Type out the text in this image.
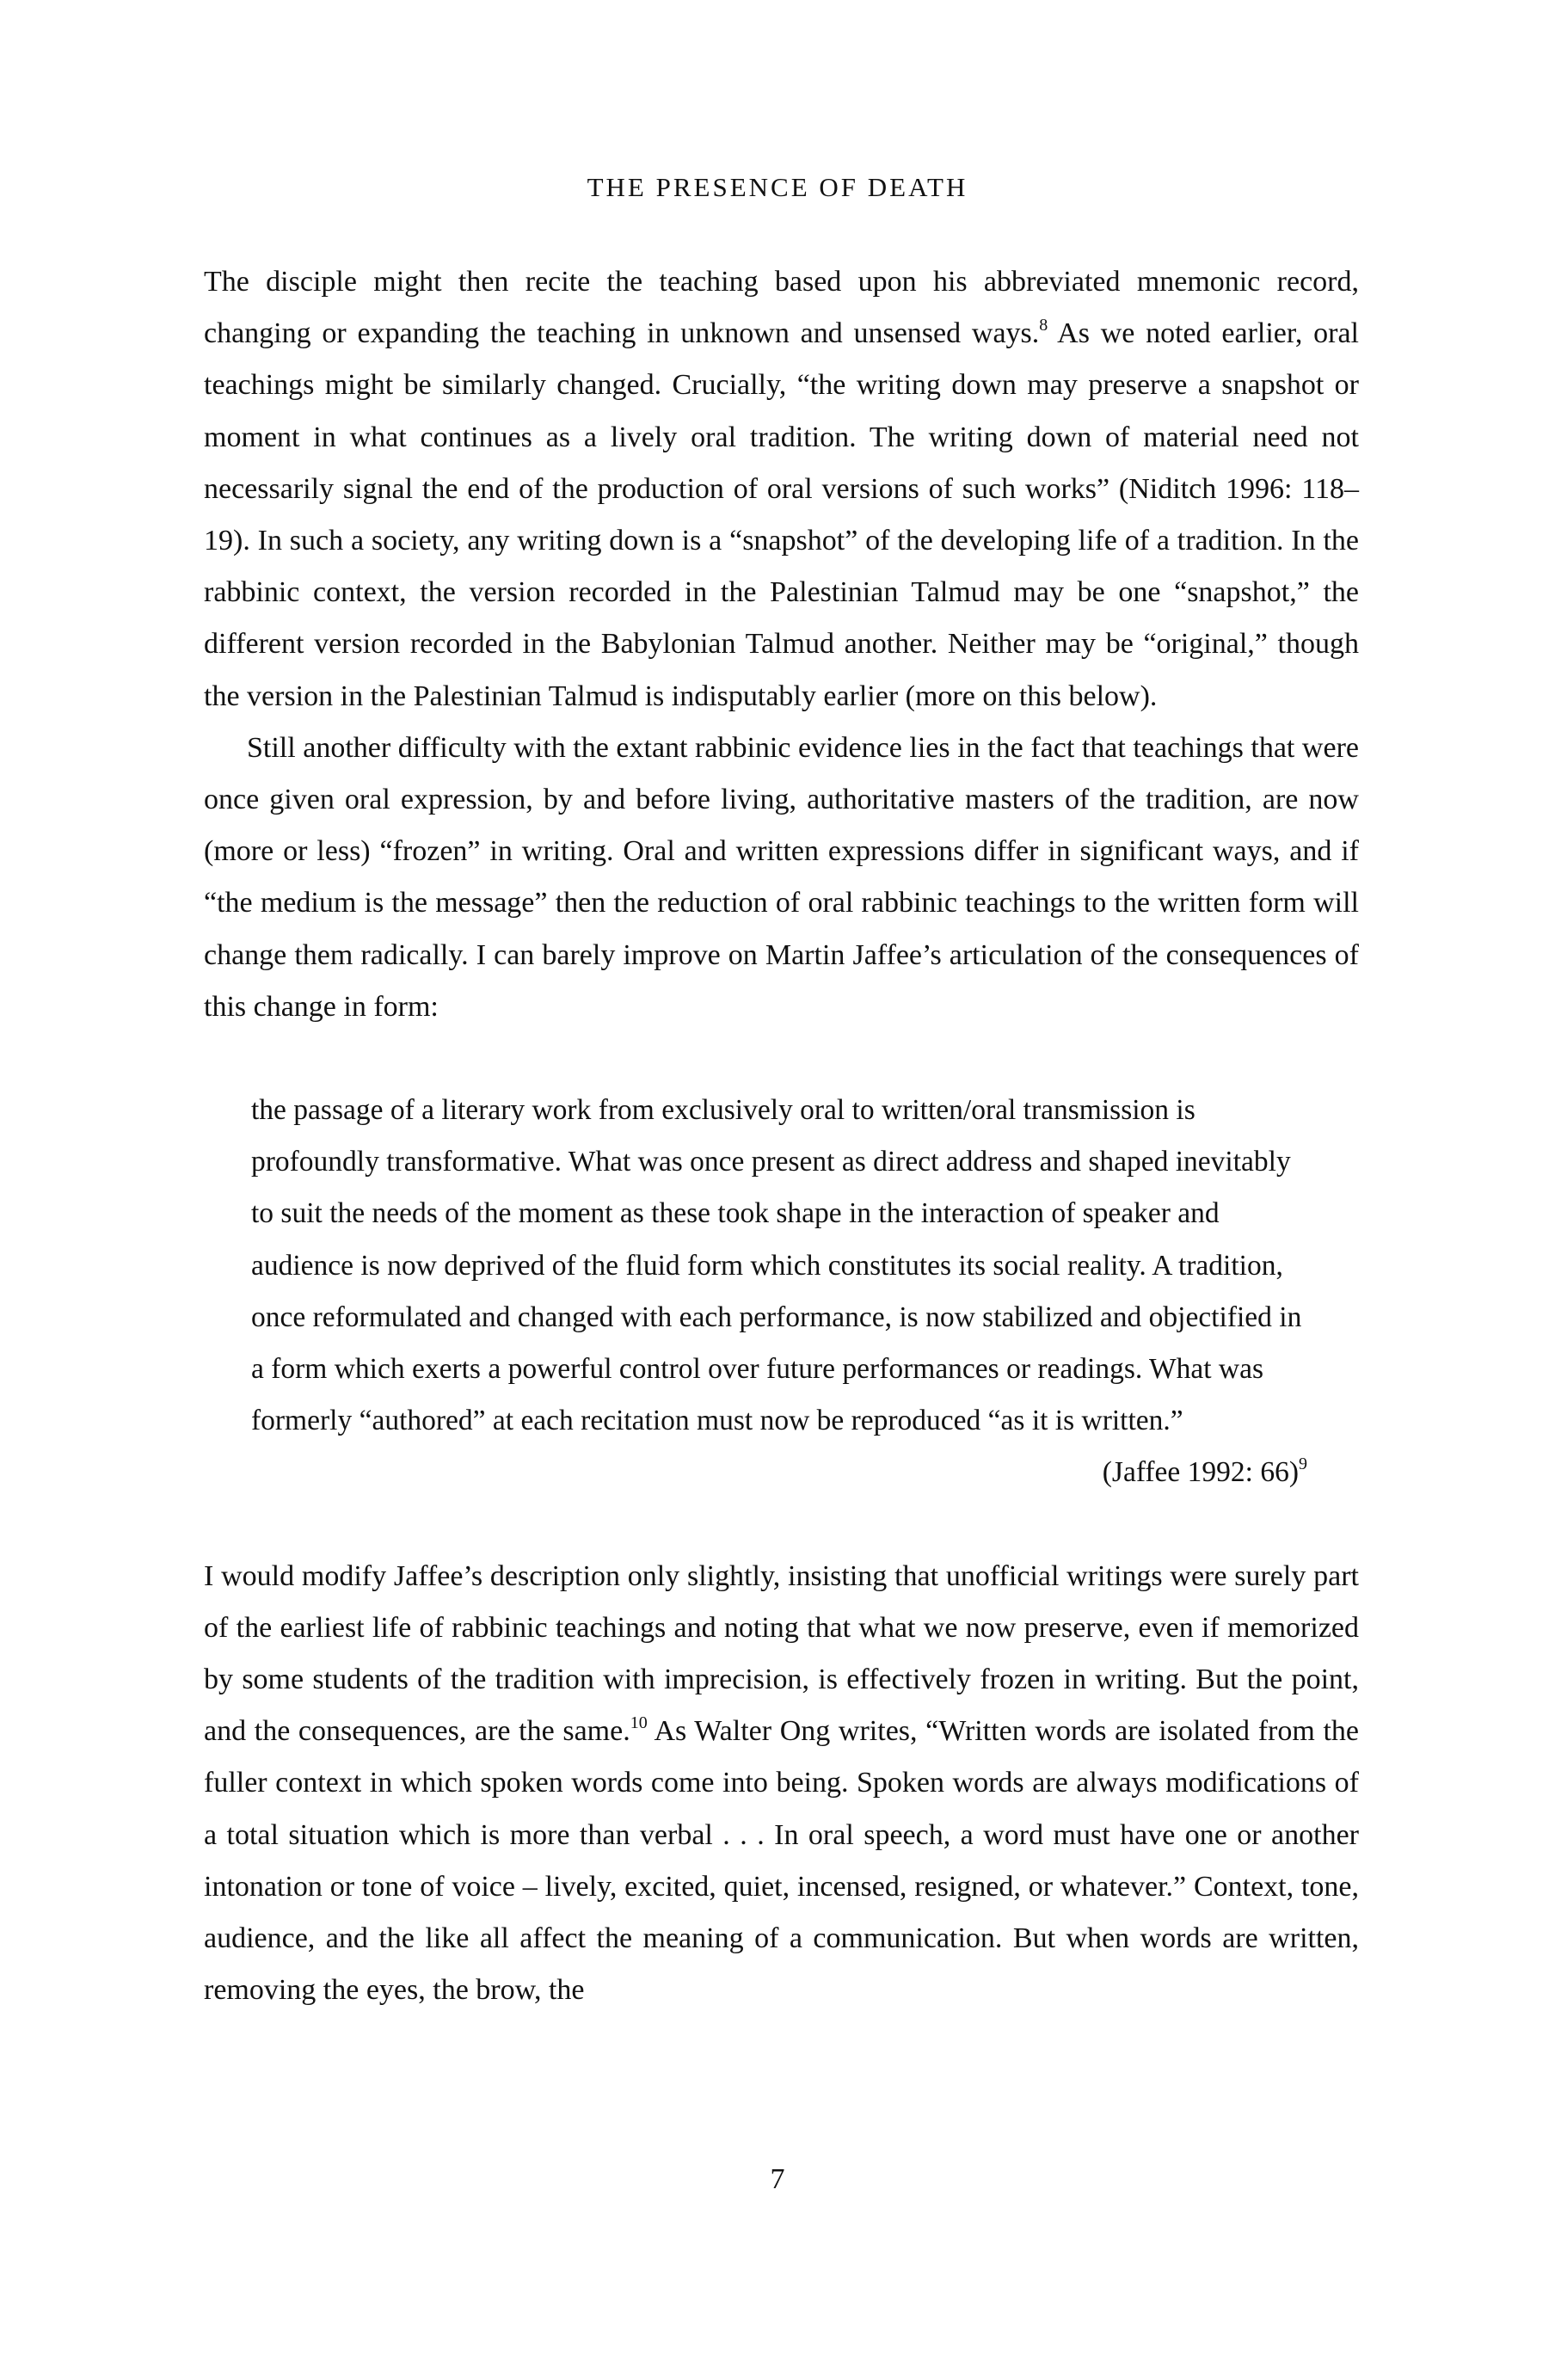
THE PRESENCE OF DEATH

The disciple might then recite the teaching based upon his abbreviated mnemonic record, changing or expanding the teaching in unknown and unsensed ways.$^8$ As we noted earlier, oral teachings might be similarly changed. Crucially, “the writing down may preserve a snapshot or moment in what continues as a lively oral tradition. The writing down of material need not necessarily signal the end of the production of oral versions of such works” (Niditch 1996: 118–19). In such a society, any writing down is a “snapshot” of the developing life of a tradition. In the rabbinic context, the version recorded in the Palestinian Talmud may be one “snapshot,” the different version recorded in the Babylonian Talmud another. Neither may be “original,” though the version in the Palestinian Talmud is indisputably earlier (more on this below).

Still another difficulty with the extant rabbinic evidence lies in the fact that teachings that were once given oral expression, by and before living, authoritative masters of the tradition, are now (more or less) “frozen” in writing. Oral and written expressions differ in significant ways, and if “the medium is the message” then the reduction of oral rabbinic teachings to the written form will change them radically. I can barely improve on Martin Jaffee’s articulation of the consequences of this change in form:

the passage of a literary work from exclusively oral to written/oral transmission is profoundly transformative. What was once present as direct address and shaped inevitably to suit the needs of the moment as these took shape in the interaction of speaker and audience is now deprived of the fluid form which constitutes its social reality. A tradition, once reformulated and changed with each performance, is now stabilized and objectified in a form which exerts a powerful control over future performances or readings. What was formerly “authored” at each recitation must now be reproduced “as it is written.”

(Jaffee 1992: 66)$^9$

I would modify Jaffee’s description only slightly, insisting that unofficial writings were surely part of the earliest life of rabbinic teachings and noting that what we now preserve, even if memorized by some students of the tradition with imprecision, is effectively frozen in writing. But the point, and the consequences, are the same.$^{10}$ As Walter Ong writes, “Written words are isolated from the fuller context in which spoken words come into being. Spoken words are always modifications of a total situation which is more than verbal . . . In oral speech, a word must have one or another intonation or tone of voice – lively, excited, quiet, incensed, resigned, or whatever.” Context, tone, audience, and the like all affect the meaning of a communication. But when words are written, removing the eyes, the brow, the

7
